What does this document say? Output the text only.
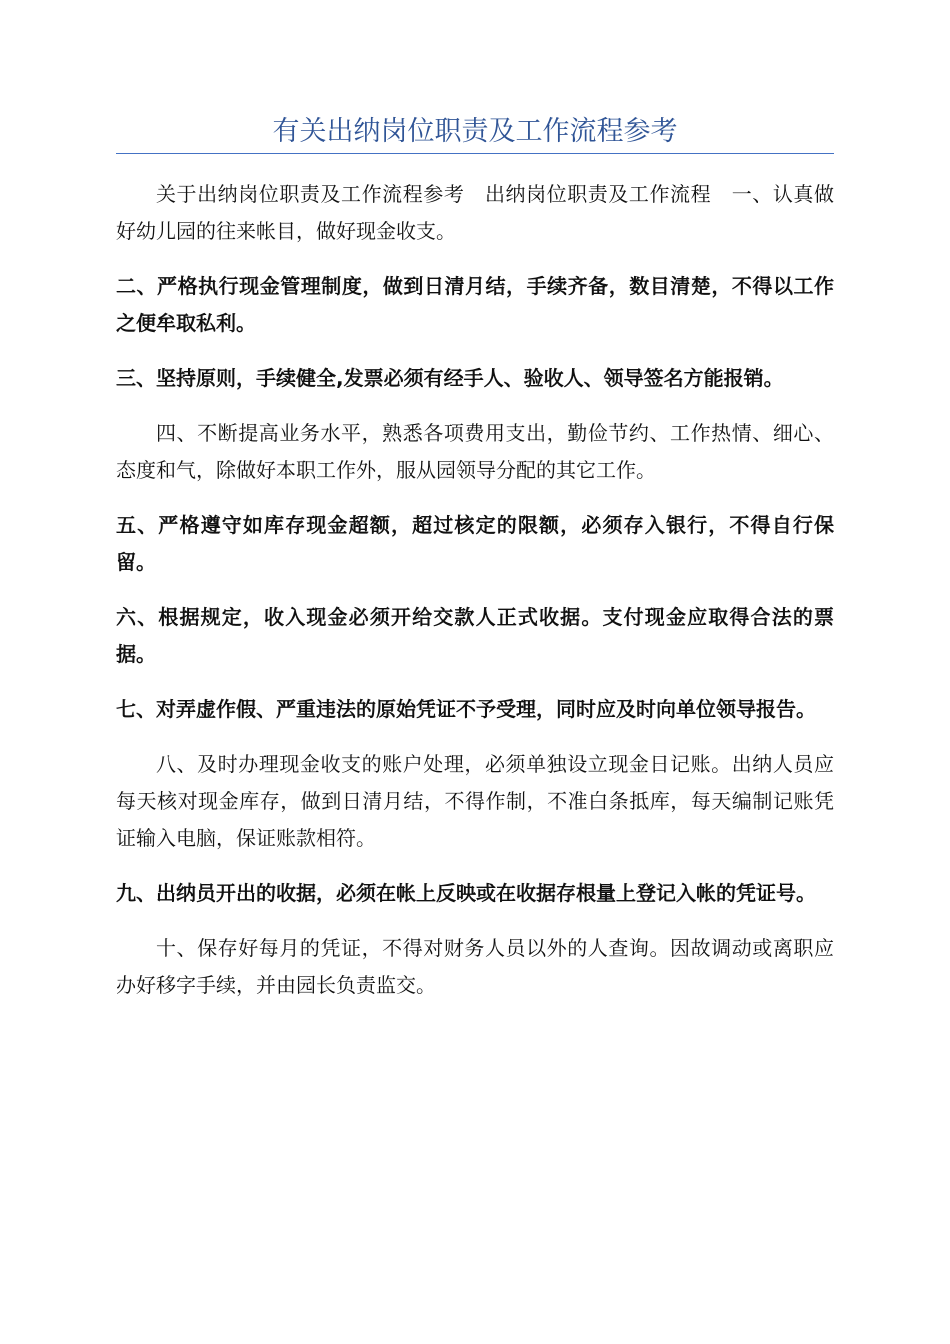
有关出纳岗位职责及工作流程参考

关于出纳岗位职责及工作流程参考　出纳岗位职责及工作流程　一、认真做好幼儿园的往来帐目，做好现金收支。

二、严格执行现金管理制度，做到日清月结，手续齐备，数目清楚，不得以工作之便牟取私利。

三、坚持原则，手续健全,发票必须有经手人、验收人、领导签名方能报销。

四、不断提高业务水平，熟悉各项费用支出，勤俭节约、工作热情、细心、态度和气，除做好本职工作外，服从园领导分配的其它工作。

五、严格遵守如库存现金超额，超过核定的限额，必须存入银行，不得自行保留。

六、根据规定，收入现金必须开给交款人正式收据。支付现金应取得合法的票据。

七、对弄虚作假、严重违法的原始凭证不予受理，同时应及时向单位领导报告。

八、及时办理现金收支的账户处理，必须单独设立现金日记账。出纳人员应每天核对现金库存，做到日清月结，不得作制，不准白条抵库，每天编制记账凭证输入电脑，保证账款相符。

九、出纳员开出的收据，必须在帐上反映或在收据存根量上登记入帐的凭证号。

十、保存好每月的凭证，不得对财务人员以外的人查询。因故调动或离职应办好移字手续，并由园长负责监交。
